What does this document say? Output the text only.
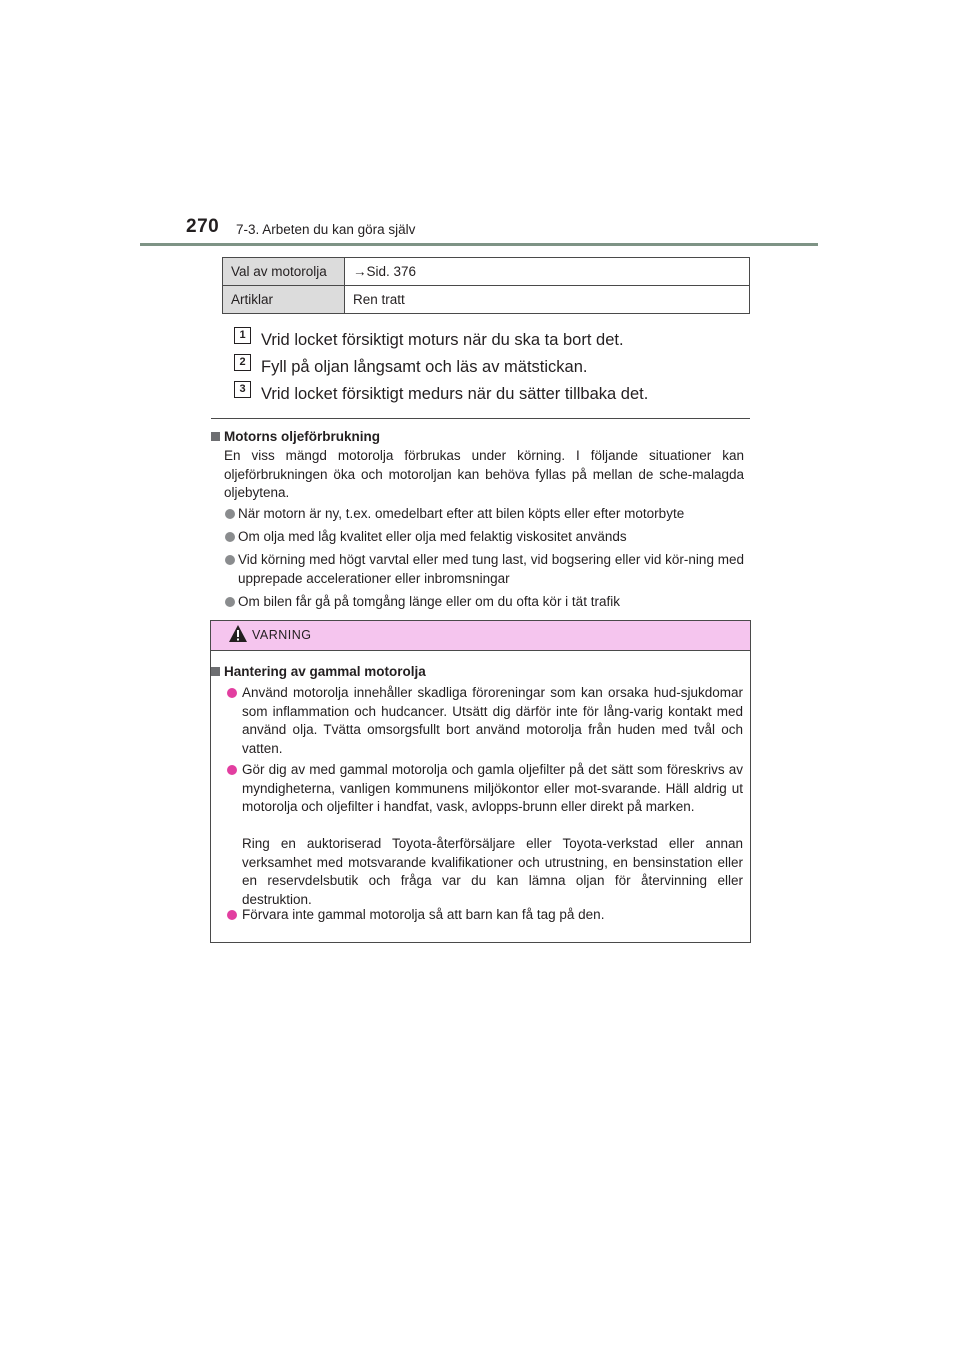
270 7-3. Arbeten du kan göra själv
Val av motorolja	→Sid. 376
Artiklar	Ren tratt
1 Vrid locket försiktigt moturs när du ska ta bort det.
2 Fyll på oljan långsamt och läs av mätstickan.
3 Vrid locket försiktigt medurs när du sätter tillbaka det.
Motorns oljeförbrukning
En viss mängd motorolja förbrukas under körning. I följande situationer kan oljeförbrukningen öka och motoroljan kan behöva fyllas på mellan de sche-malagda oljebytena.
När motorn är ny, t.ex. omedelbart efter att bilen köpts eller efter motorbyte
Om olja med låg kvalitet eller olja med felaktig viskositet används
Vid körning med högt varvtal eller med tung last, vid bogsering eller vid kör-ning med upprepade accelerationer eller inbromsningar
Om bilen får gå på tomgång länge eller om du ofta kör i tät trafik
VARNING
Hantering av gammal motorolja
Använd motorolja innehåller skadliga föroreningar som kan orsaka hud-sjukdomar som inflammation och hudcancer. Utsätt dig därför inte för lång-varig kontakt med använd olja. Tvätta omsorgsfullt bort använd motorolja från huden med tvål och vatten.
Gör dig av med gammal motorolja och gamla oljefilter på det sätt som föreskrivs av myndigheterna, vanligen kommunens miljökontor eller mot-svarande. Häll aldrig ut motorolja och oljefilter i handfat, vask, avlopps-brunn eller direkt på marken.
Ring en auktoriserad Toyota-återförsäljare eller Toyota-verkstad eller annan verksamhet med motsvarande kvalifikationer och utrustning, en bensinstation eller en reservdelsbutik och fråga var du kan lämna oljan för återvinning eller destruktion.
Förvara inte gammal motorolja så att barn kan få tag på den.
